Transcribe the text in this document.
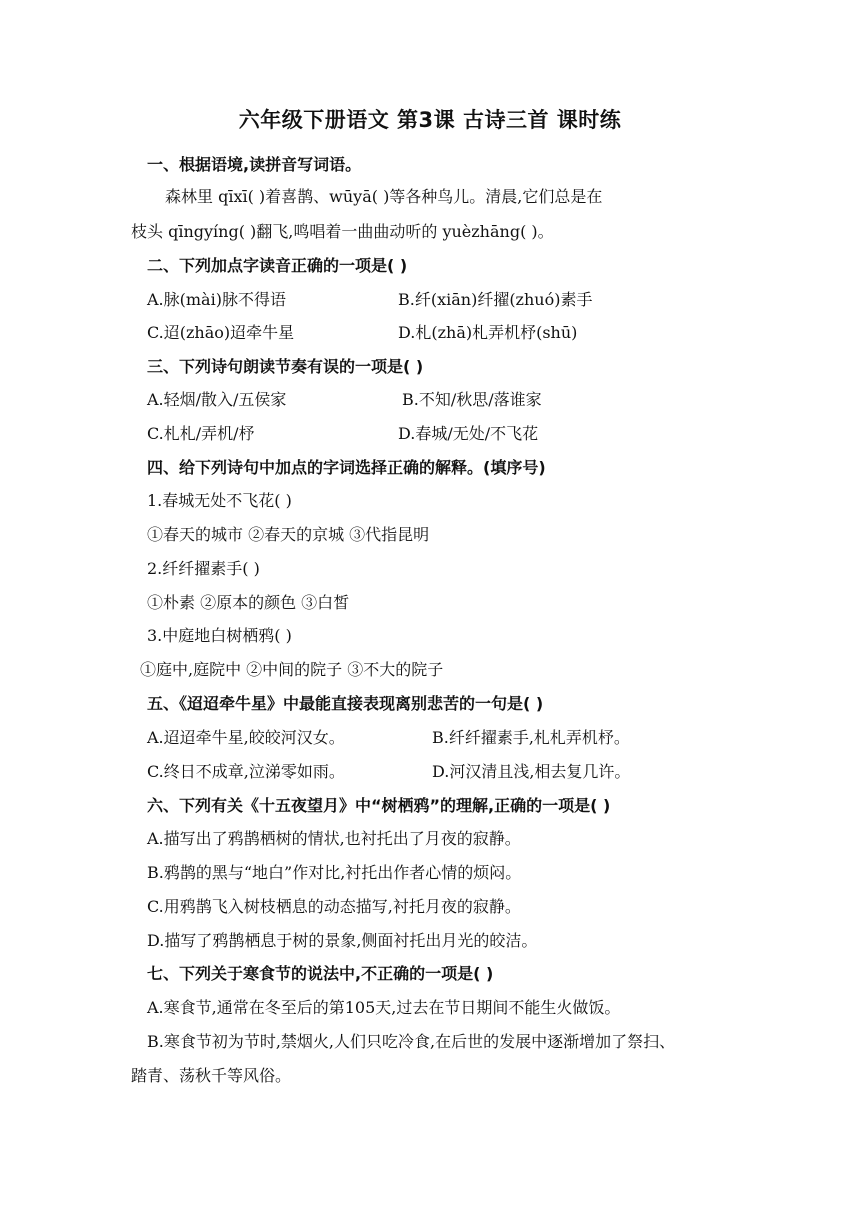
六年级下册语文 第3课 古诗三首 课时练
一、根据语境,读拼音写词语。
森林里 qīxī( )着喜鹊、wūyā( )等各种鸟儿。清晨,它们总是在
枝头 qīngyíng( )翻飞,鸣唱着一曲曲动听的 yuèzhāng( )。
二、下列加点字读音正确的一项是( )
A.脉(mài)脉不得语	B.纤(xiān)纤擢(zhuó)素手
C.迢(zhāo)迢牵牛星	D.札(zhā)札弄机杼(shū)
三、下列诗句朗读节奏有误的一项是( )
A.轻烟/散入/五侯家	B.不知/秋思/落谁家
C.札札/弄机/杼	D.春城/无处/不飞花
四、给下列诗句中加点的字词选择正确的解释。(填序号)
1.春城无处不飞花( )
①春天的城市 ②春天的京城 ③代指昆明
2.纤纤擢素手( )
①朴素 ②原本的颜色 ③白皙
3.中庭地白树栖鸦( )
①庭中,庭院中 ②中间的院子 ③不大的院子
五、《迢迢牵牛星》中最能直接表现离别悲苦的一句是( )
A.迢迢牵牛星,皎皎河汉女。	B.纤纤擢素手,札札弄机杼。
C.终日不成章,泣涕零如雨。	D.河汉清且浅,相去复几许。
六、下列有关《十五夜望月》中“树栖鸦”的理解,正确的一项是( )
A.描写出了鸦鹊栖树的情状,也衬托出了月夜的寂静。
B.鸦鹊的黑与“地白”作对比,衬托出作者心情的烦闷。
C.用鸦鹊飞入树枝栖息的动态描写,衬托月夜的寂静。
D.描写了鸦鹊栖息于树的景象,侧面衬托出月光的皎洁。
七、下列关于寒食节的说法中,不正确的一项是( )
A.寒食节,通常在冬至后的第105天,过去在节日期间不能生火做饭。
B.寒食节初为节时,禁烟火,人们只吃冷食,在后世的发展中逐渐增加了祭扫、
踏青、荡秋千等风俗。
